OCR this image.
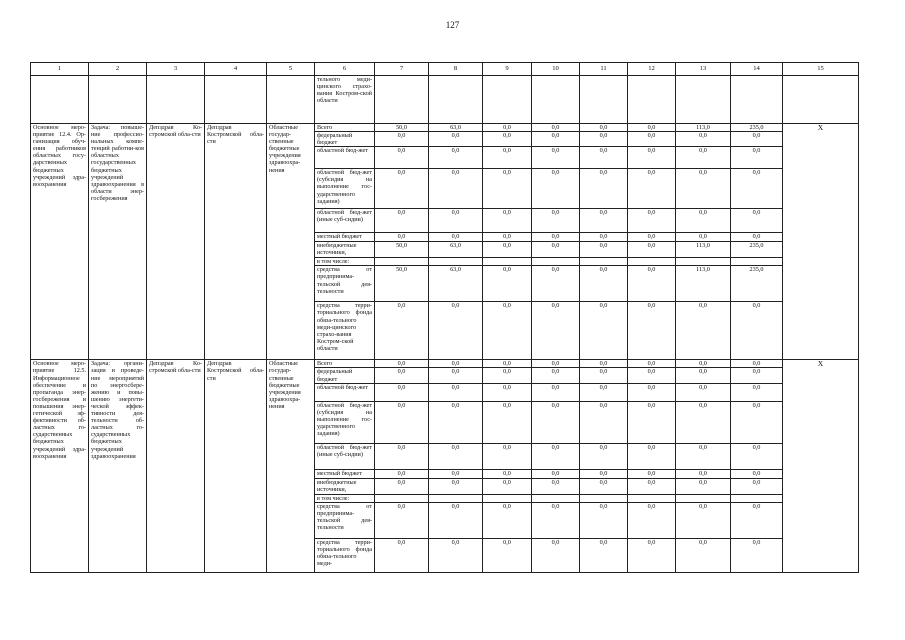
127
1	2	3	4	5	6	7	8	9	10	11	12	13	14	15
					тельного меди-цинского страхо-вания Костром-ской области									
Основное меро-приятие 12.4. Ор-ганизация обуч-ения работников областных госу-дарственных бюджетных учреждений здра-воохранения	Задача: повыше-ние профессио-нальных компе-тенций работни-ков областных государственных бюджетных учреждений здравоохранения в области энер-госбережения	Депздрав Ко-стромской обла-сти	Депздрав Костромской обла-сти	Областные государ-ственные бюджетные учреждения здравоохра-нения	Всего	50,0	63,0	0,0	0,0	0,0	0,0	113,0	235,0	X
					федеральный бюджет	0,0	0,0	0,0	0,0	0,0	0,0	0,0	0,0	
					областной бюд-жет	0,0	0,0	0,0	0,0	0,0	0,0	0,0	0,0	
					областной бюд-жет (субсидия на выполнение гос-ударственного задания)	0,0	0,0	0,0	0,0	0,0	0,0	0,0	0,0	
					областной бюд-жет (иные суб-сидии)	0,0	0,0	0,0	0,0	0,0	0,0	0,0	0,0	
					местный бюджет	0,0	0,0	0,0	0,0	0,0	0,0	0,0	0,0	
					внебюджетные источники,	50,0	63,0	0,0	0,0	0,0	0,0	113,0	235,0	
					в том числе:									
					средства от предпринима-тельской дея-тельности	50,0	63,0	0,0	0,0	0,0	0,0	113,0	235,0	
					средства терри-ториального фонда обяза-тельного меди-цинского страхо-вания Костром-ской области	0,0	0,0	0,0	0,0	0,0	0,0	0,0	0,0	
Основное меро-приятие 12.5. Информационное обеспечение и пропаганда энер-госбережения и повышения энер-гетической эф-фективности об-ластных го-сударственных бюджетных учреждений здра-воохранения	Задача: органи-зация и проведе-ние мероприятий по энергосбере-жению и повы-шению энергети-ческой эффек-тивности дея-тельности об-ластных го-сударственных бюджетных учреждений здравоохранения	Депздрав Ко-стромской обла-сти	Депздрав Костромской обла-сти	Областные государ-ственные бюджетные учреждения здравоохра-нения	Всего	0,0	0,0	0,0	0,0	0,0	0,0	0,0	0,0	X
					федеральный бюджет	0,0	0,0	0,0	0,0	0,0	0,0	0,0	0,0	
					областной бюд-жет	0,0	0,0	0,0	0,0	0,0	0,0	0,0	0,0	
					областной бюд-жет (субсидия на выполнение гос-ударственного задания)	0,0	0,0	0,0	0,0	0,0	0,0	0,0	0,0	
					областной бюд-жет (иные суб-сидии)	0,0	0,0	0,0	0,0	0,0	0,0	0,0	0,0	
					местный бюджет	0,0	0,0	0,0	0,0	0,0	0,0	0,0	0,0	
					внебюджетные источники,	0,0	0,0	0,0	0,0	0,0	0,0	0,0	0,0	
					в том числе:									
					средства от предпринима-тельской дея-тельности	0,0	0,0	0,0	0,0	0,0	0,0	0,0	0,0	
					средства терри-ториального фонда обяза-тельного меди-	0,0	0,0	0,0	0,0	0,0	0,0	0,0	0,0	
